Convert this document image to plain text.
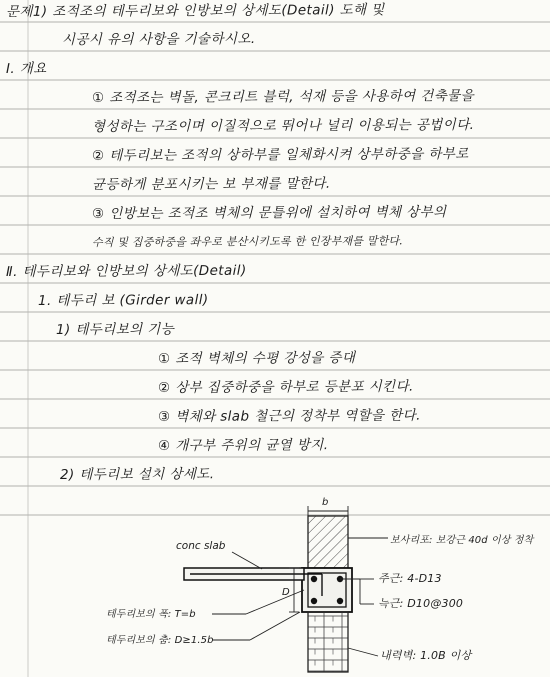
문제1) 조적조의 테두리보와 인방보의 상세도(Detail) 도해 및
시공시 유의 사항을 기술하시오.
Ⅰ. 개요
① 조적조는 벽돌, 콘크리트 블럭, 석재 등을 사용하여 건축물을
형성하는 구조이며 이질적으로 뛰어나 널리 이용되는 공법이다.
② 테두리보는 조적의 상하부를 일체화시켜 상부하중을 하부로
균등하게 분포시키는 보 부재를 말한다.
③ 인방보는 조적조 벽체의 문틀위에 설치하여 벽체 상부의
수직 및 집중하중을 좌우로 분산시키도록 한 인장부재를 말한다.
Ⅱ. 테두리보와 인방보의 상세도(Detail)
1. 테두리 보 (Girder wall)
1) 테두리보의 기능
① 조적 벽체의 수평 강성을 증대
② 상부 집중하중을 하부로 등분포 시킨다.
③ 벽체와 slab 철근의 정착부 역할을 한다.
④ 개구부 주위의 균열 방지.
2) 테두리보 설치 상세도.
conc slab
b
D
보사리포: 보강근 40d 이상 정착
주근: 4-D13
늑근: D10@300
내력벽: 1.0B 이상
테두리보의 폭: T=b
테두리보의 춤: D≥1.5b
